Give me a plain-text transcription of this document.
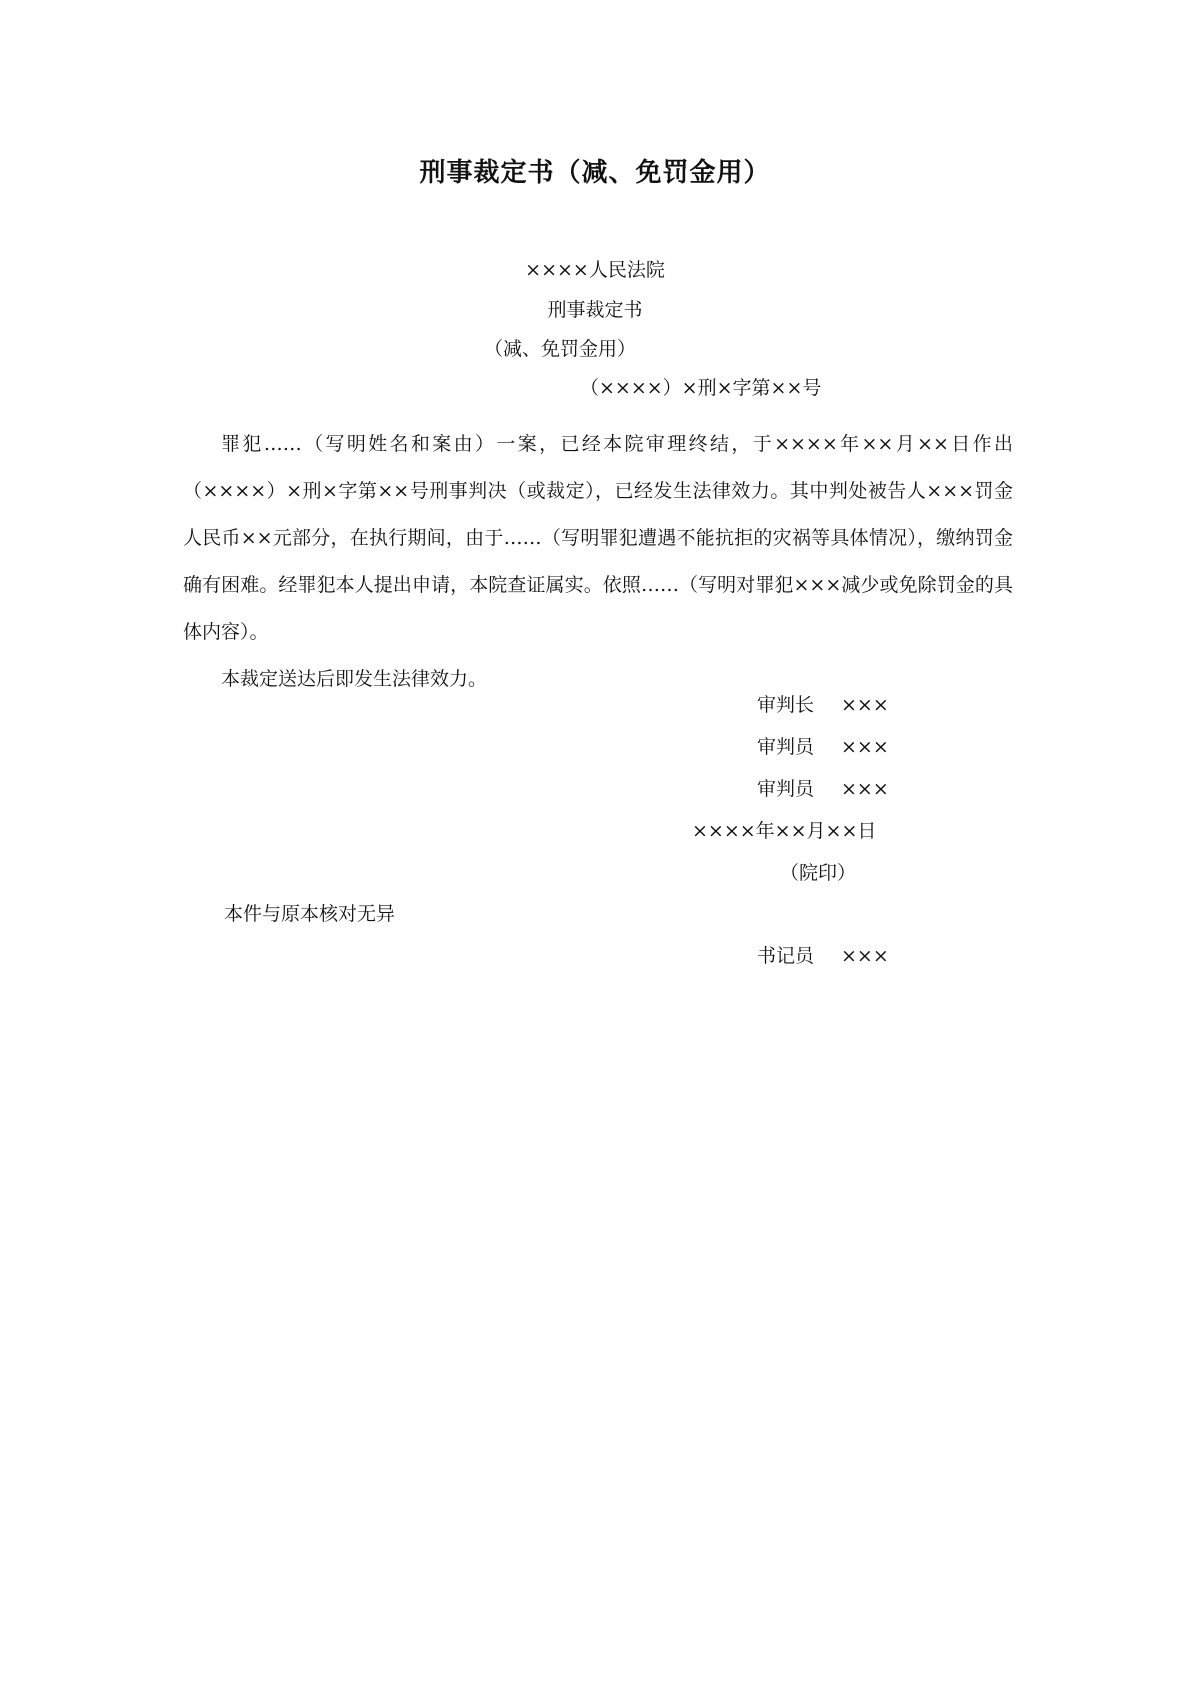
刑事裁定书（减、免罚金用）
××××人民法院
刑事裁定书
（减、免罚金用）
（××××）×刑×字第××号

罪犯……（写明姓名和案由）一案，已经本院审理终结，于××××年××月××日作出（××××）×刑×字第××号刑事判决（或裁定），已经发生法律效力。其中判处被告人×××罚金人民币××元部分，在执行期间，由于……（写明罪犯遭遇不能抗拒的灾祸等具体情况），缴纳罚金确有困难。经罪犯本人提出申请，本院查证属实。依照……（写明对罪犯×××减少或免除罚金的具体内容）。

本裁定送达后即发生法律效力。

审判长 ×××
审判员 ×××
审判员 ×××
××××年××月××日
（院印）
本件与原本核对无异
书记员 ×××
